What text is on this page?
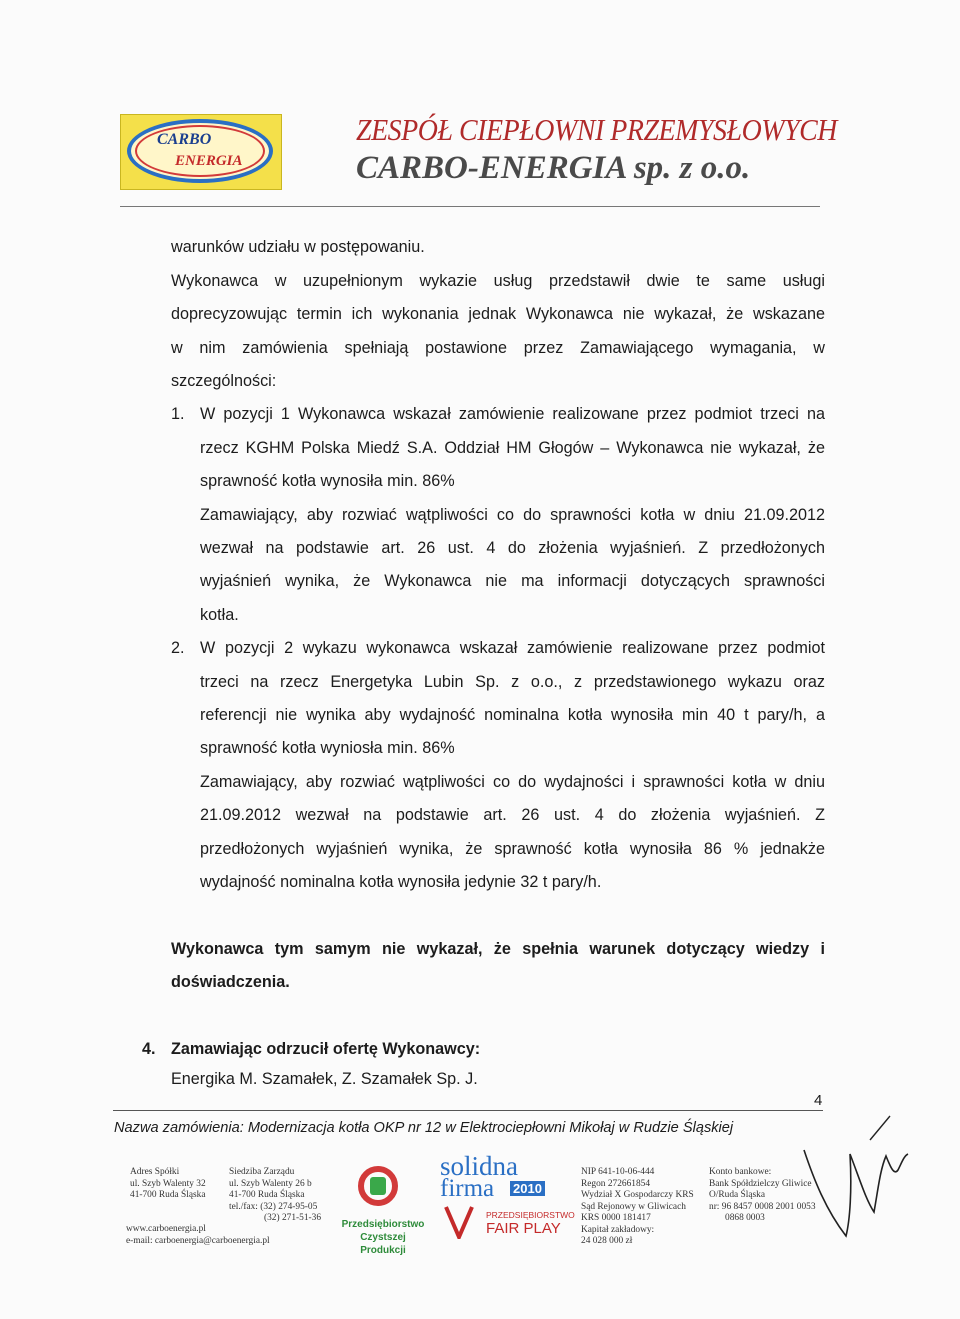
CARBO
ENERGIA
ZESPÓŁ CIEPŁOWNI PRZEMYSŁOWYCH
CARBO-ENERGIA sp. z o.o.
warunków udziału w postępowaniu.
Wykonawca w uzupełnionym wykazie usług przedstawił dwie te same usługi
doprecyzowując termin ich wykonania jednak Wykonawca nie wykazał, że wskazane
w nim zamówienia spełniają postawione przez Zamawiającego wymagania, w
szczególności:
1. W pozycji 1 Wykonawca wskazał zamówienie realizowane przez podmiot trzeci na
rzecz KGHM Polska Miedź S.A. Oddział HM Głogów – Wykonawca nie wykazał, że
sprawność kotła wynosiła min. 86%
Zamawiający, aby rozwiać wątpliwości co do sprawności kotła w dniu 21.09.2012
wezwał na podstawie art. 26 ust. 4 do złożenia wyjaśnień. Z przedłożonych
wyjaśnień wynika, że Wykonawca nie ma informacji dotyczących sprawności
kotła.
2. W pozycji 2 wykazu wykonawca wskazał zamówienie realizowane przez podmiot
trzeci na rzecz Energetyka Lubin Sp. z o.o., z przedstawionego wykazu oraz
referencji nie wynika aby wydajność nominalna kotła wynosiła min 40 t pary/h, a
sprawność kotła wyniosła min. 86%
Zamawiający, aby rozwiać wątpliwości co do wydajności i sprawności kotła w dniu
21.09.2012 wezwał na podstawie art. 26 ust. 4 do złożenia wyjaśnień. Z
przedłożonych wyjaśnień wynika, że sprawność kotła wynosiła 86 % jednakże
wydajność nominalna kotła wynosiła jedynie 32 t pary/h.
Wykonawca tym samym nie wykazał, że spełnia warunek dotyczący wiedzy i
doświadczenia.
4. Zamawiając odrzucił ofertę Wykonawcy:
Energika M. Szamałek, Z. Szamałek Sp. J.
4
Nazwa zamówienia: Modernizacja kotła OKP nr 12 w Elektrociepłowni Mikołaj w Rudzie Śląskiej
Adres Spółki
ul. Szyb Walenty 32
41-700 Ruda Śląska
www.carboenergia.pl
e-mail: carboenergia@carboenergia.pl
Siedziba Zarządu
ul. Szyb Walenty 26 b
41-700 Ruda Śląska
tel./fax: (32) 274-95-05
(32) 271-51-36
Przedsiębiorstwo
Czystszej Produkcji
solidna
firma 2010
PRZEDSIĘBIORSTWO
FAIR PLAY
NIP 641-10-06-444
Regon 272661854
Wydział X Gospodarczy KRS
Sąd Rejonowy w Gliwicach
KRS 0000 181417
Kapitał zakładowy:
24 028 000 zł
Konto bankowe:
Bank Spółdzielczy Gliwice
O/Ruda Śląska
nr: 96 8457 0008 2001 0053
0868 0003
